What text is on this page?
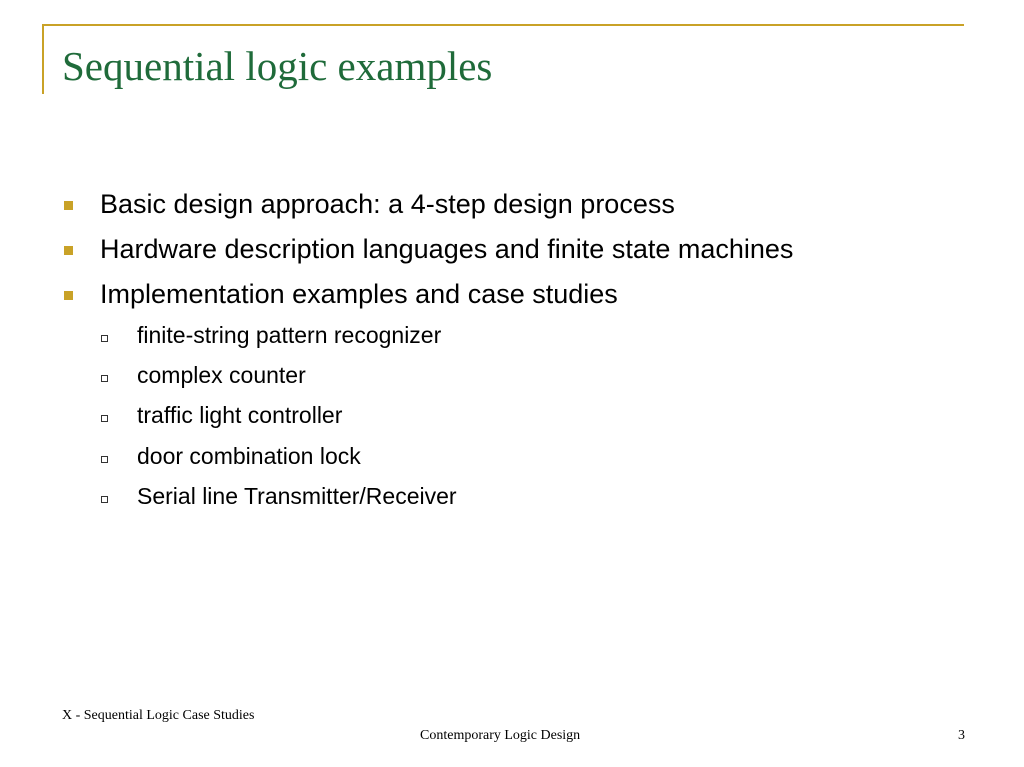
Sequential logic examples
Basic design approach: a 4-step design process
Hardware description languages and finite state machines
Implementation examples and case studies
finite-string pattern recognizer
complex counter
traffic light controller
door combination lock
Serial line Transmitter/Receiver
X - Sequential Logic Case Studies
Contemporary Logic Design	3
